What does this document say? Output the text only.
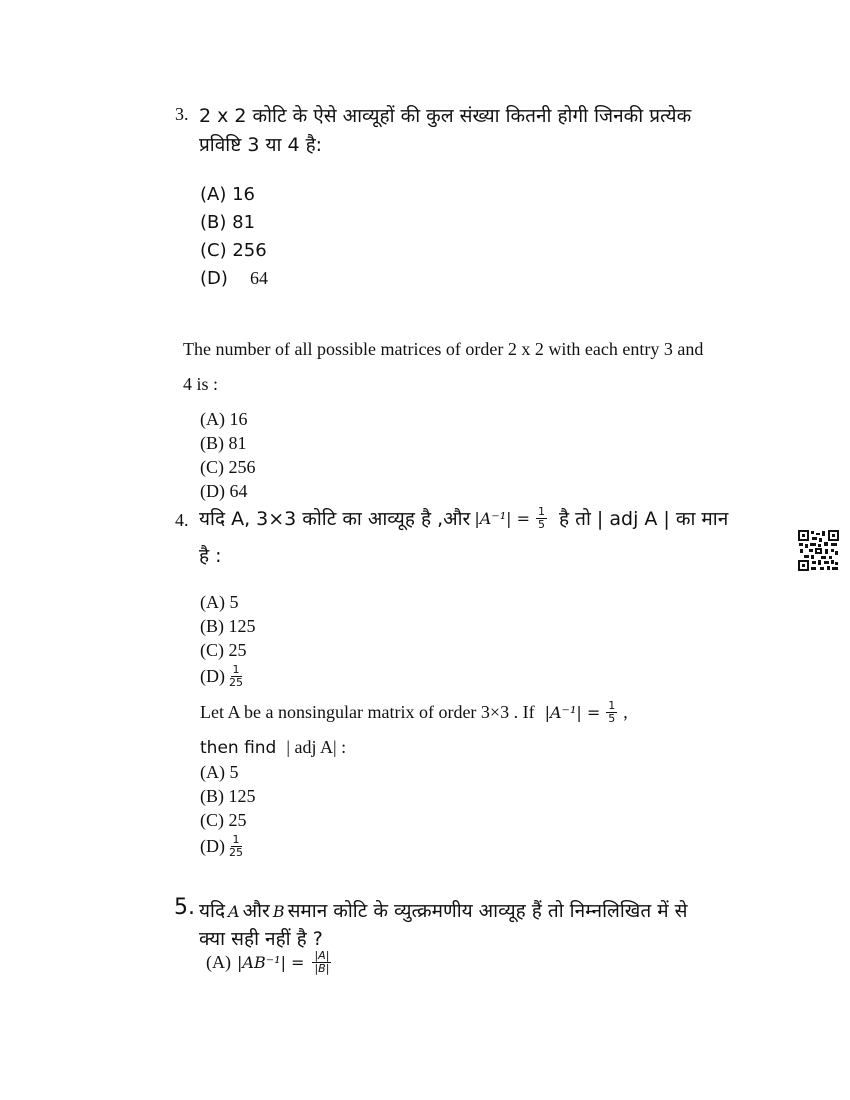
3. 2 x 2 कोटि के ऐसे आव्यूहों की कुल संख्या कितनी होगी जिनकी प्रत्येक
प्रविष्टि 3 या 4 है:
(A) 16
(B) 81
(C) 256
(D) 64
The number of all possible matrices of order 2 x 2 with each entry 3 and
4 is :
(A) 16
(B) 81
(C) 256
(D) 64
4. यदि A, 3×3 कोटि का आव्यूह है ,और $|A^{-1}| = \frac{1}{5}$ है तो | adj A | का मान
है :
(A) 5
(B) 125
(C) 25
$(D) \frac{1}{25}$
Let A be a nonsingular matrix of order 3×3 . If $|A^{-1}| = \frac{1}{5}$ ,
then find | adj A| :
(A) 5
(B) 125
(C) 25
$(D) \frac{1}{25}$
5. यदि A और B समान कोटि के व्युत्क्रमणीय आव्यूह हैं तो निम्नलिखित में से
क्या सही नहीं है ?
(A) $|AB^{-1}| = \frac{|A|}{|B|}$
